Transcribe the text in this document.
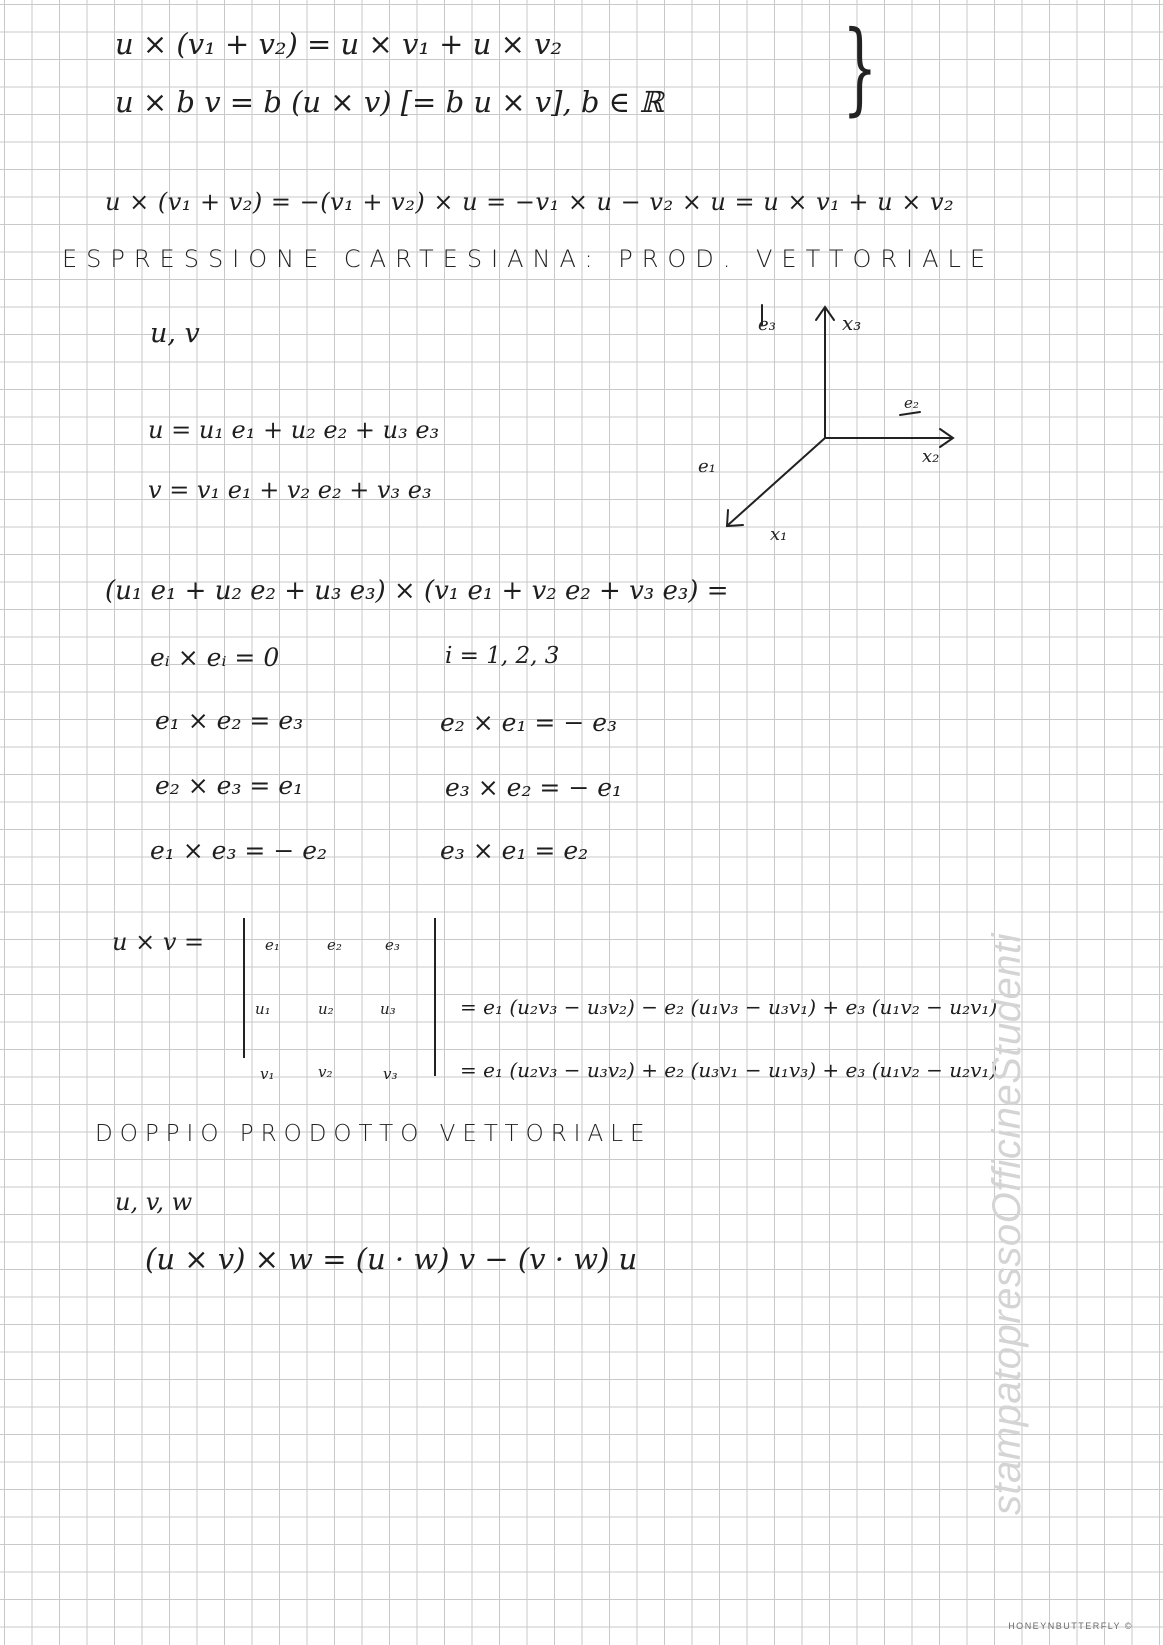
u × (v₁ + v₂) = u × v₁ + u × v₂
u × b v = b (u × v) [= b u × v], b ∈ ℝ }
u × (v₁ + v₂) = −(v₁ + v₂) × u = −v₁ × u − v₂ × u = u × v₁ + u × v₂
ESPRESSIONE CARTESIANA: PROD. VETTORIALE
u, v
u = u₁ e₁ + u₂ e₂ + u₃ e₃
v = v₁ e₁ + v₂ e₂ + v₃ e₃
x₃
e₃
x₂
e₂
x₁
e₁
(u₁ e₁ + u₂ e₂ + u₃ e₃) × (v₁ e₁ + v₂ e₂ + v₃ e₃) =
eᵢ × eᵢ = 0	i = 1, 2, 3
e₁ × e₂ = e₃	e₂ × e₁ = − e₃
e₂ × e₃ = e₁	e₃ × e₂ = − e₁
e₁ × e₃ = − e₂	e₃ × e₁ = e₂
u × v =	e₁	e₂	e₃
u₁	u₂	u₃
v₁	v₂	v₃
= e₁ (u₂v₃ − u₃v₂) − e₂ (u₁v₃ − u₃v₁) + e₃ (u₁v₂ − u₂v₁)
= e₁ (u₂v₃ − u₃v₂) + e₂ (u₃v₁ − u₁v₃) + e₃ (u₁v₂ − u₂v₁)
DOPPIO PRODOTTO VETTORIALE
u, v, w
(u × v) × w = (u · w) v − (v · w) u	stampatopressoOfficineStudenti
HONEYNBUTTERFLY ©
